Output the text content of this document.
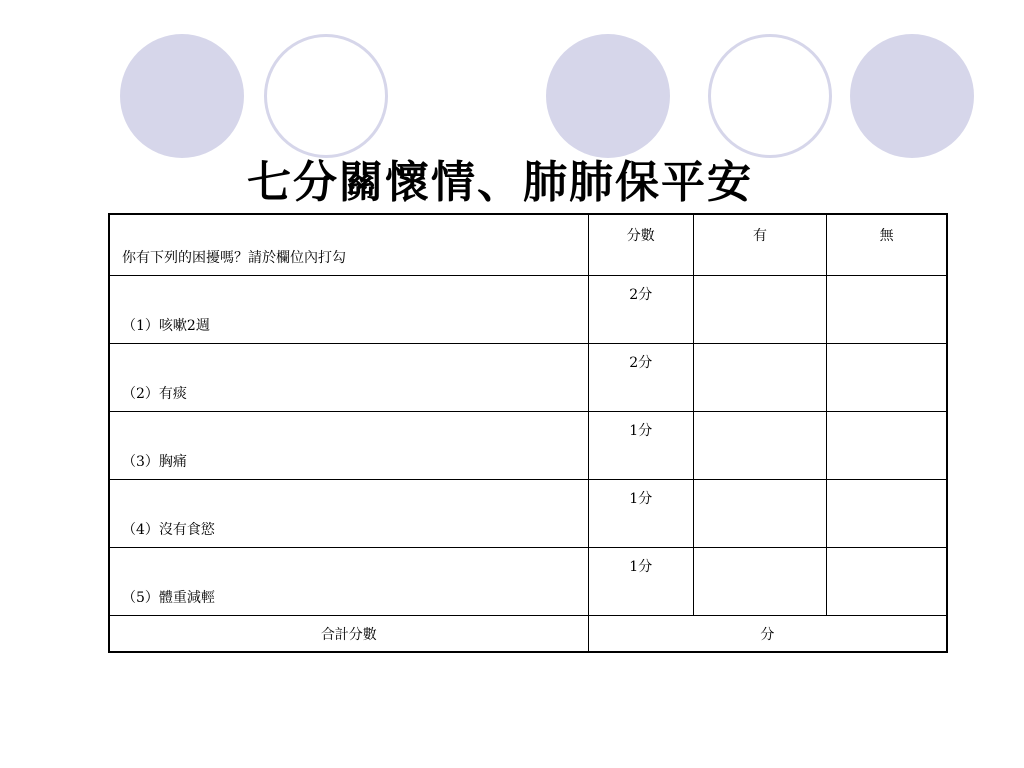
七分關懷情、肺肺保平安
你有下列的困擾嗎？請於欄位內打勾	分數	有	無

（1）咳嗽2週	2分		

（2）有痰	2分		

（3）胸痛	1分		

（4）沒有食慾	1分		

（5）體重減輕	1分		

合計分數	分		
